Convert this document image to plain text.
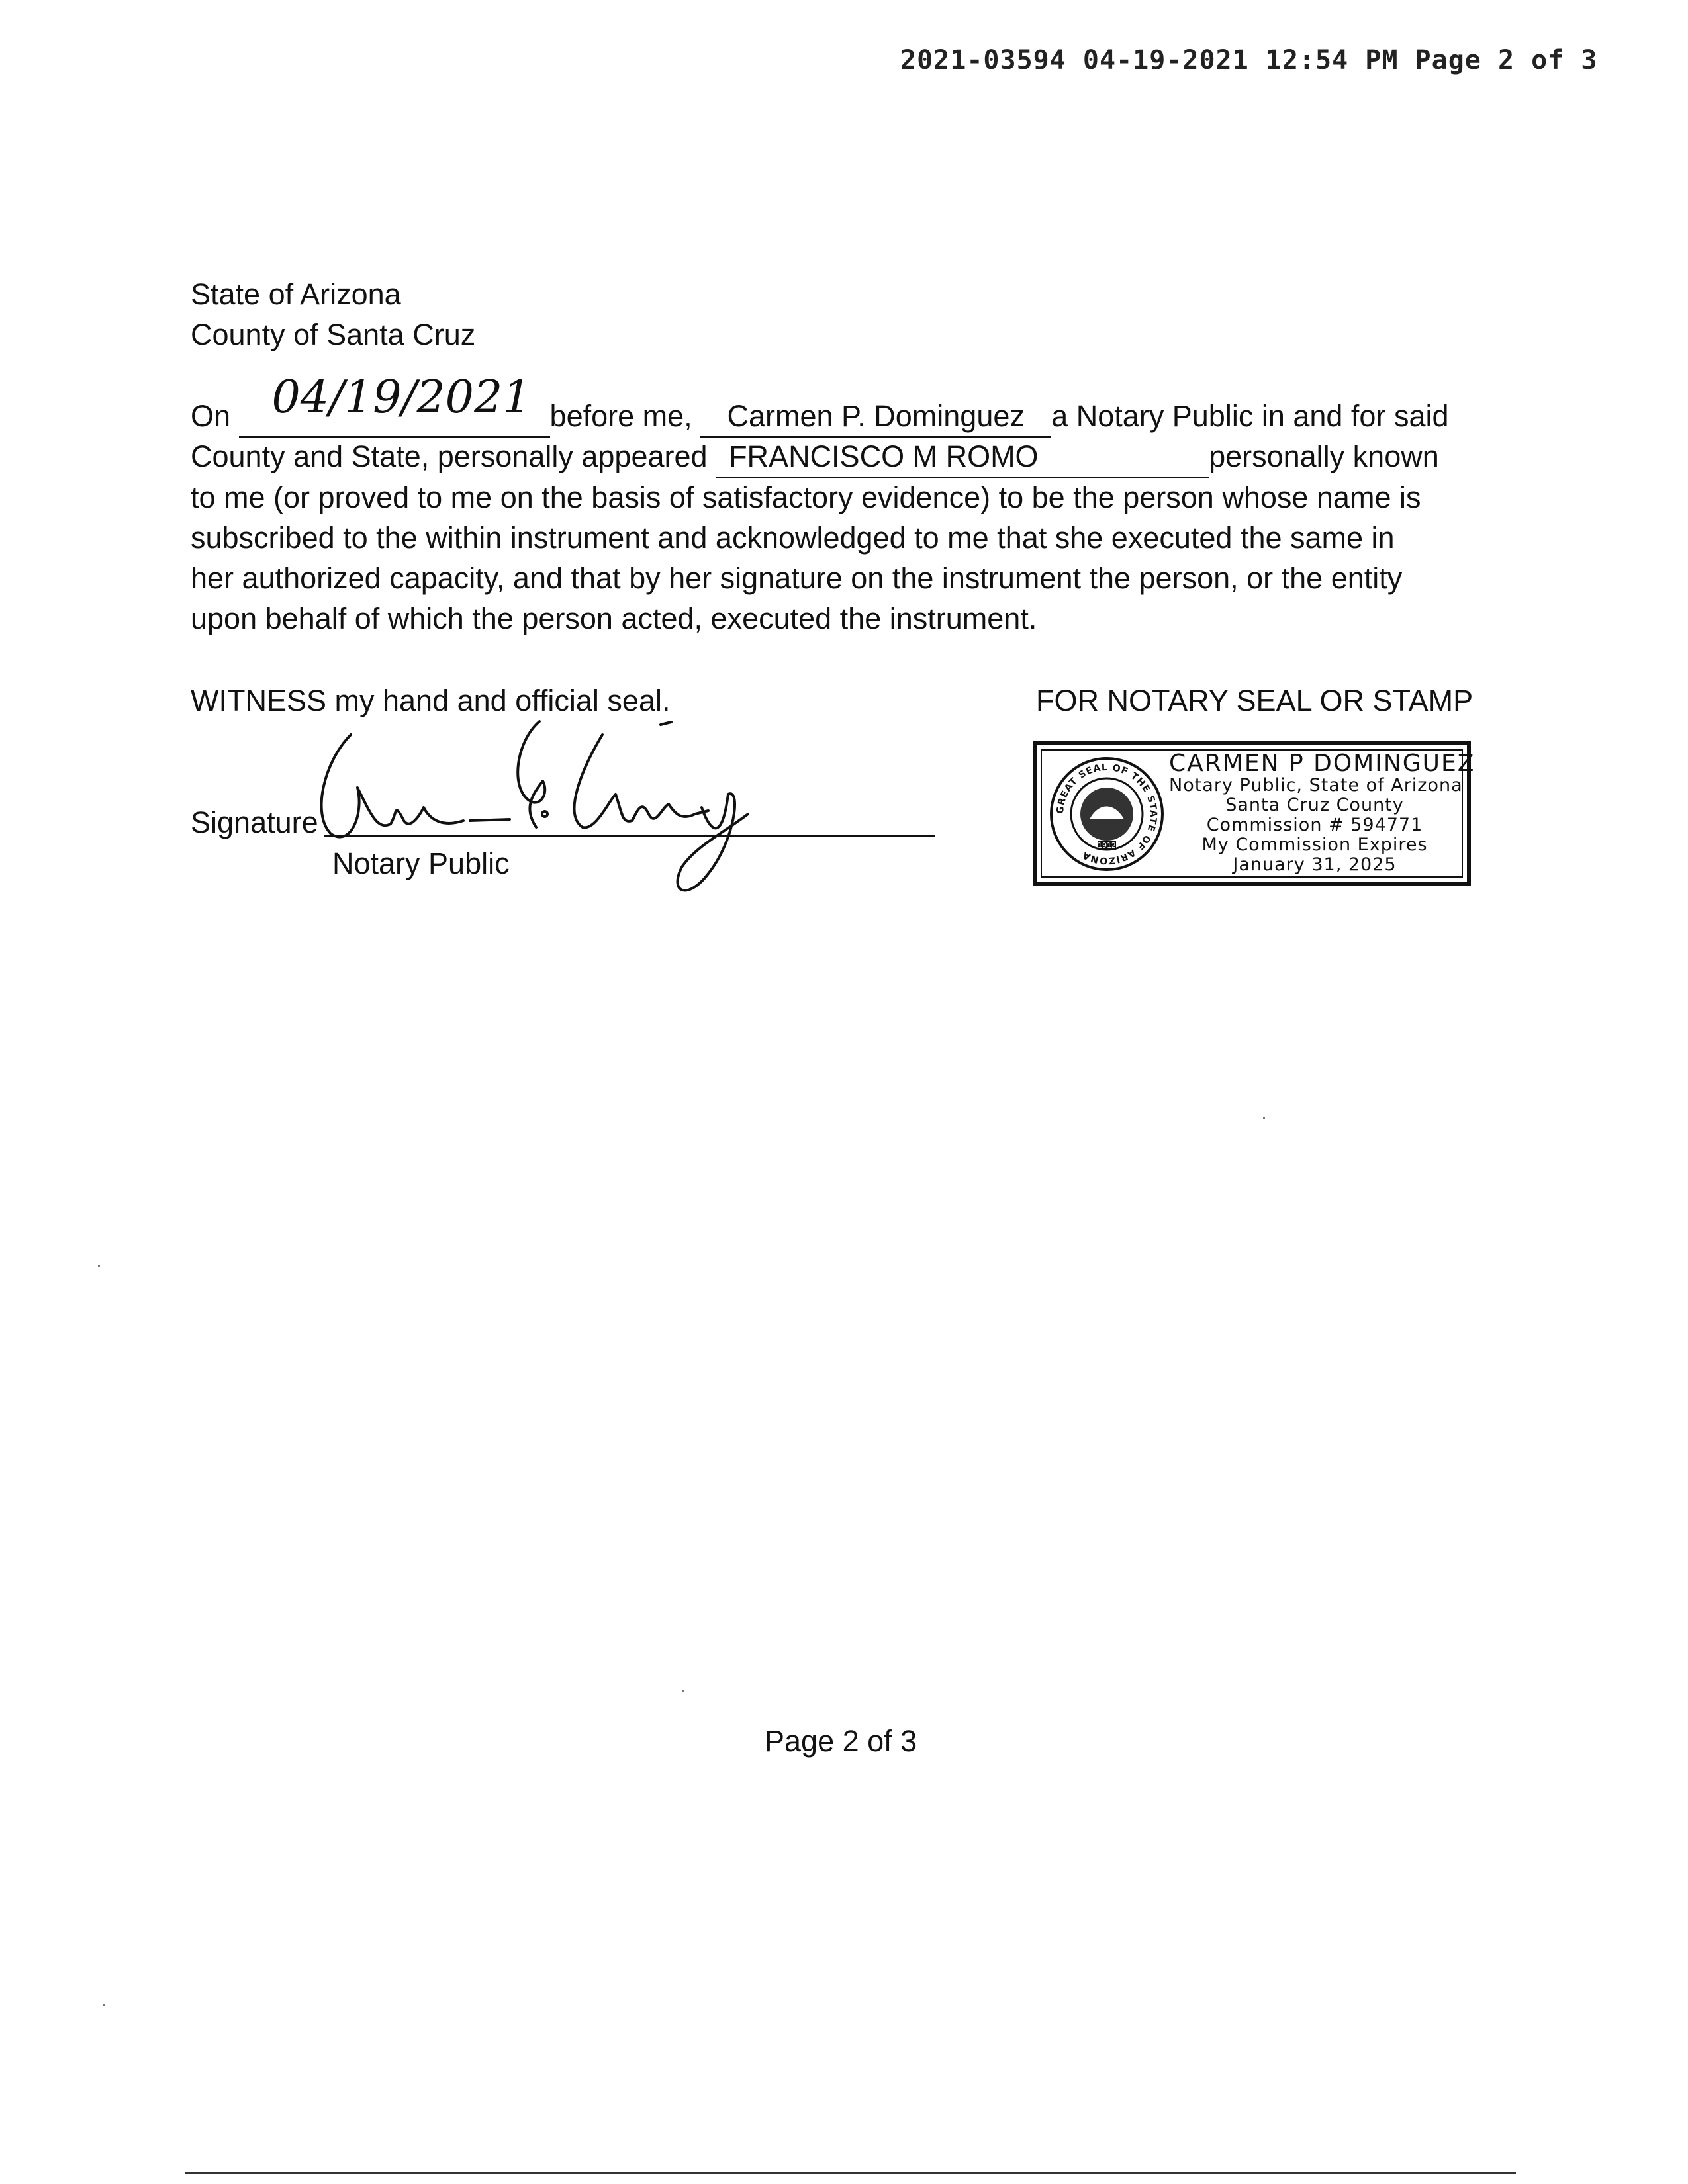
2021-03594 04-19-2021 12:54 PM Page 2 of 3
State of Arizona
County of Santa Cruz
On 04/19/2021 before me, Carmen P. Dominguez a Notary Public in and for said
County and State, personally appeared FRANCISCO M ROMO	personally known
to me (or proved to me on the basis of satisfactory evidence) to be the person whose name is
subscribed to the within instrument and acknowledged to me that she executed the same in
her authorized capacity, and that by her signature on the instrument the person, or the entity
upon behalf of which the person acted, executed the instrument.
WITNESS my hand and official seal.
Signature
Notary Public
FOR NOTARY SEAL OR STAMP
GREAT SEAL OF THE STATE OF ARIZONA
1912
CARMEN P DOMINGUEZ
Notary Public, State of Arizona
Santa Cruz County
Commission # 594771
My Commission Expires
January 31, 2025
Page 2 of 3
